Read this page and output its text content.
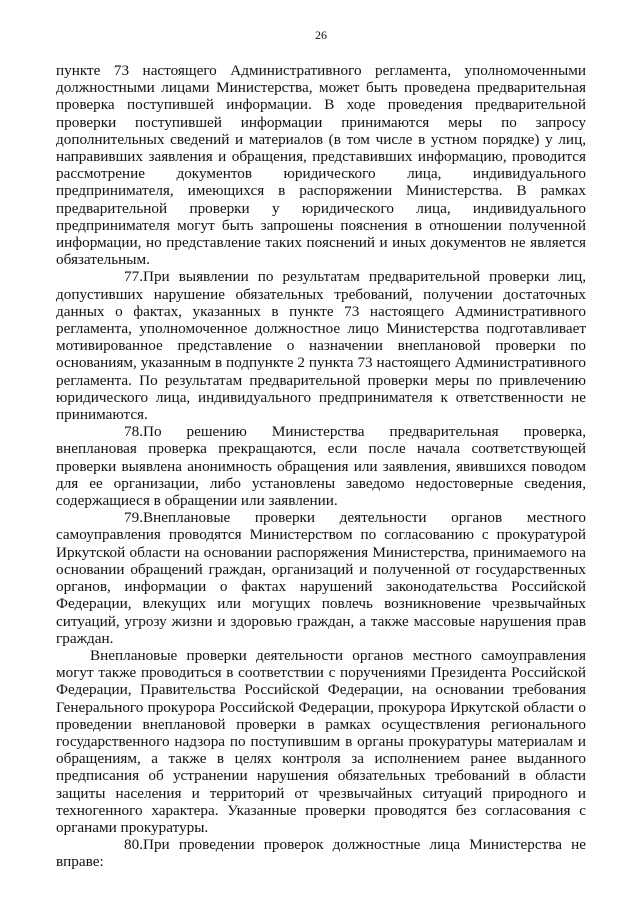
26

пункте 73 настоящего Административного регламента, уполномоченными должностными лицами Министерства, может быть проведена предварительная проверка поступившей информации. В ходе проведения предварительной проверки поступившей информации принимаются меры по запросу дополнительных сведений и материалов (в том числе в устном порядке) у лиц, направивших заявления и обращения, представивших информацию, проводится рассмотрение документов юридического лица, индивидуального предпринимателя, имеющихся в распоряжении Министерства. В рамках предварительной проверки у юридического лица, индивидуального предпринимателя могут быть запрошены пояснения в отношении полученной информации, но представление таких пояснений и иных документов не является обязательным.

77.При выявлении по результатам предварительной проверки лиц, допустивших нарушение обязательных требований, получении достаточных данных о фактах, указанных в пункте 73 настоящего Административного регламента, уполномоченное должностное лицо Министерства подготавливает мотивированное представление о назначении внеплановой проверки по основаниям, указанным в подпункте 2 пункта 73 настоящего Административного регламента. По результатам предварительной проверки меры по привлечению юридического лица, индивидуального предпринимателя к ответственности не принимаются.

78.По решению Министерства предварительная проверка, внеплановая проверка прекращаются, если после начала соответствующей проверки выявлена анонимность обращения или заявления, явившихся поводом для ее организации, либо установлены заведомо недостоверные сведения, содержащиеся в обращении или заявлении.

79.Внеплановые проверки деятельности органов местного самоуправления проводятся Министерством по согласованию с прокуратурой Иркутской области на основании распоряжения Министерства, принимаемого на основании обращений граждан, организаций и полученной от государственных органов, информации о фактах нарушений законодательства Российской Федерации, влекущих или могущих повлечь возникновение чрезвычайных ситуаций, угрозу жизни и здоровью граждан, а также массовые нарушения прав граждан.

Внеплановые проверки деятельности органов местного самоуправления могут также проводиться в соответствии с поручениями Президента Российской Федерации, Правительства Российской Федерации, на основании требования Генерального прокурора Российской Федерации, прокурора Иркутской области о проведении внеплановой проверки в рамках осуществления регионального государственного надзора по поступившим в органы прокуратуры материалам и обращениям, а также в целях контроля за исполнением ранее выданного предписания об устранении нарушения обязательных требований в области защиты населения и территорий от чрезвычайных ситуаций природного и техногенного характера. Указанные проверки проводятся без согласования с органами прокуратуры.

80.При проведении проверок должностные лица Министерства не вправе:
